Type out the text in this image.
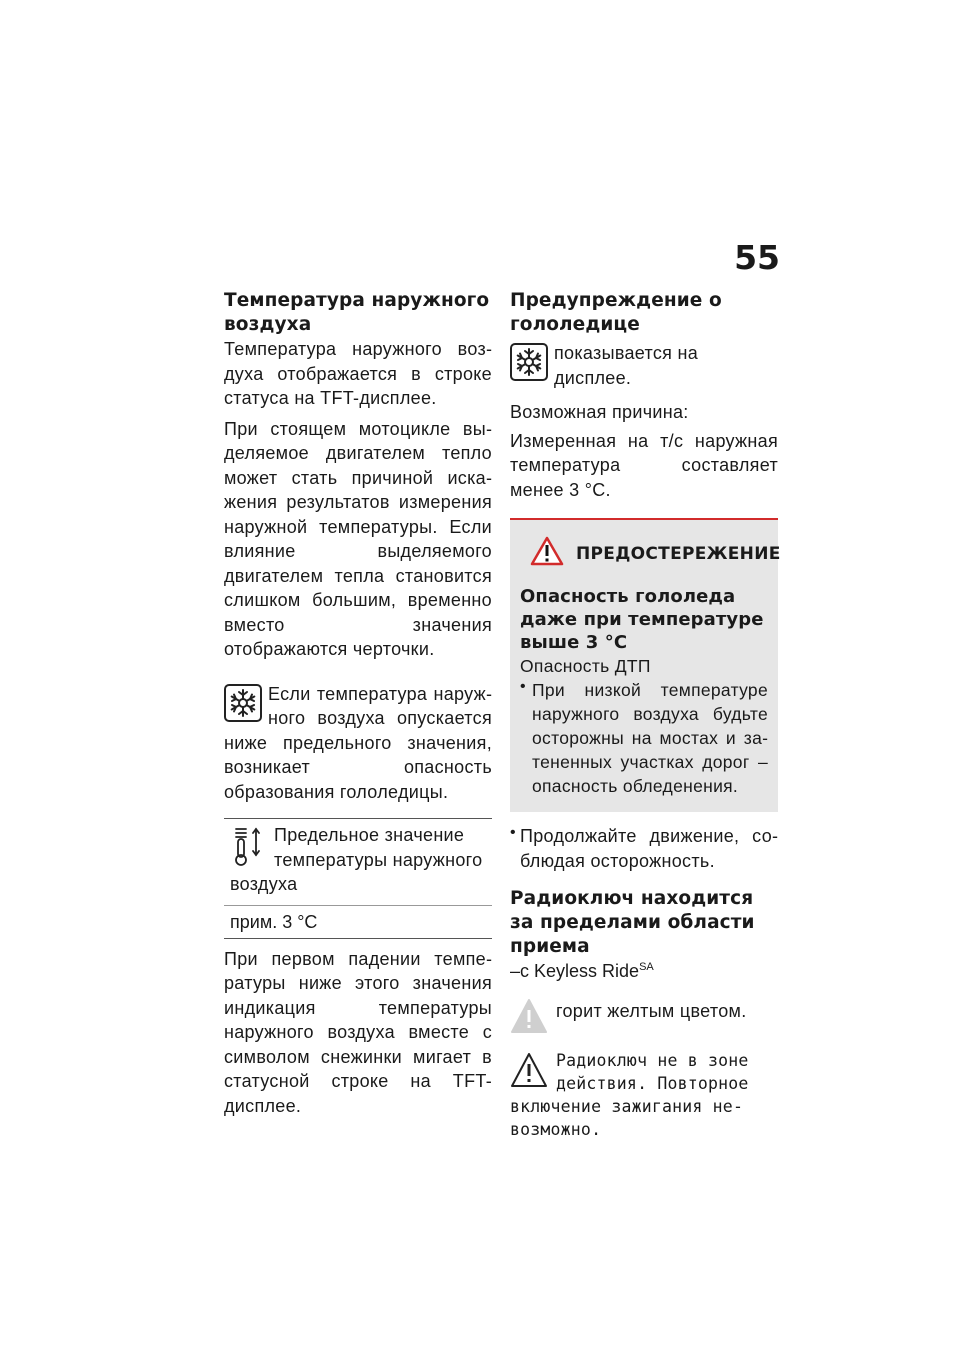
55
Температура наружного воздуха

Температура наружного воздуха отображается в строке статуса на TFT-дисплее.

При стоящем мотоцикле выделяемое двигателем тепло может стать причиной искажения результатов измерения наружной температуры. Если влияние выделяемого двигателем тепла становится слишком большим, временно вместо значения отображаются черточки.

Если температура наружного воздуха опускается ниже предельного значения, возникает опасность образования гололедицы.

Предельное значение температуры наружного воздуха

прим. 3 °C

При первом падении температуры ниже этого значения индикация температуры наружного воздуха вместе с символом снежинки мигает в статусной строке на TFT-дисплее.

Предупреждение о гололедице

показывается на дисплее.

Возможная причина:

Измеренная на т/с наружная температура составляет менее 3 °C.

ПРЕДОСТЕРЕЖЕНИЕ
Опасность гололеда даже при температуре выше 3 °C

Опасность ДТП

• При низкой температуре наружного воздуха будьте осторожны на мостах и затененных участках дорог – опасность обледенения.

• Продолжайте движение, соблюдая осторожность.

Радиоключ находится за пределами области приема
–с Keyless Ride$^{SA}$

горит желтым цветом.

Радиоключ не в зоне действия. Повторное включение зажигания невозможно.
